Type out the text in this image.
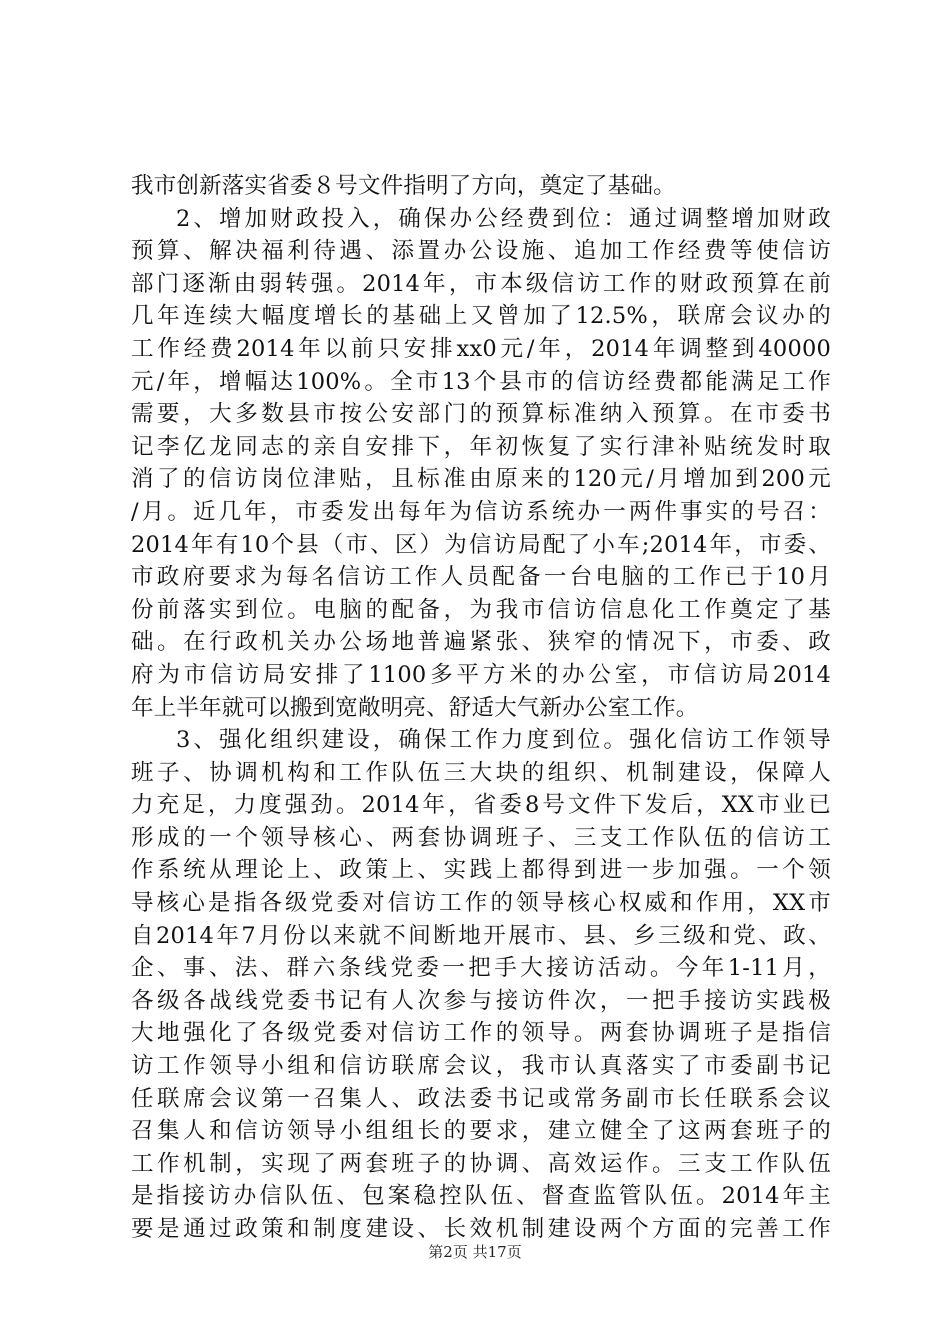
我市创新落实省委８号文件指明了方向，奠定了基础。
2、增加财政投入，确保办公经费到位：通过调整增加财政
预算、解决福利待遇、添置办公设施、追加工作经费等使信访
部门逐渐由弱转强。2014年，市本级信访工作的财政预算在前
几年连续大幅度增长的基础上又曾加了12.5%，联席会议办的
工作经费2014年以前只安排xx0元/年，2014年调整到40000
元/年，增幅达100%。全市13个县市的信访经费都能满足工作
需要，大多数县市按公安部门的预算标准纳入预算。在市委书
记李亿龙同志的亲自安排下，年初恢复了实行津补贴统发时取
消了的信访岗位津贴，且标准由原来的120元/月增加到200元
/月。近几年，市委发出每年为信访系统办一两件事实的号召：
2014年有10个县（市、区）为信访局配了小车;2014年，市委、
市政府要求为每名信访工作人员配备一台电脑的工作已于10月
份前落实到位。电脑的配备，为我市信访信息化工作奠定了基
础。在行政机关办公场地普遍紧张、狭窄的情况下，市委、政
府为市信访局安排了1100多平方米的办公室，市信访局2014
年上半年就可以搬到宽敞明亮、舒适大气新办公室工作。
3、强化组织建设，确保工作力度到位。强化信访工作领导
班子、协调机构和工作队伍三大块的组织、机制建设，保障人
力充足，力度强劲。2014年，省委8号文件下发后，XX市业已
形成的一个领导核心、两套协调班子、三支工作队伍的信访工
作系统从理论上、政策上、实践上都得到进一步加强。一个领
导核心是指各级党委对信访工作的领导核心权威和作用，XX市
自2014年7月份以来就不间断地开展市、县、乡三级和党、政、
企、事、法、群六条线党委一把手大接访活动。今年1-11月，
各级各战线党委书记有人次参与接访件次，一把手接访实践极
大地强化了各级党委对信访工作的领导。两套协调班子是指信
访工作领导小组和信访联席会议，我市认真落实了市委副书记
任联席会议第一召集人、政法委书记或常务副市长任联系会议
召集人和信访领导小组组长的要求，建立健全了这两套班子的
工作机制，实现了两套班子的协调、高效运作。三支工作队伍
是指接访办信队伍、包案稳控队伍、督查监管队伍。2014年主
要是通过政策和制度建设、长效机制建设两个方面的完善工作
第2页 共17页
